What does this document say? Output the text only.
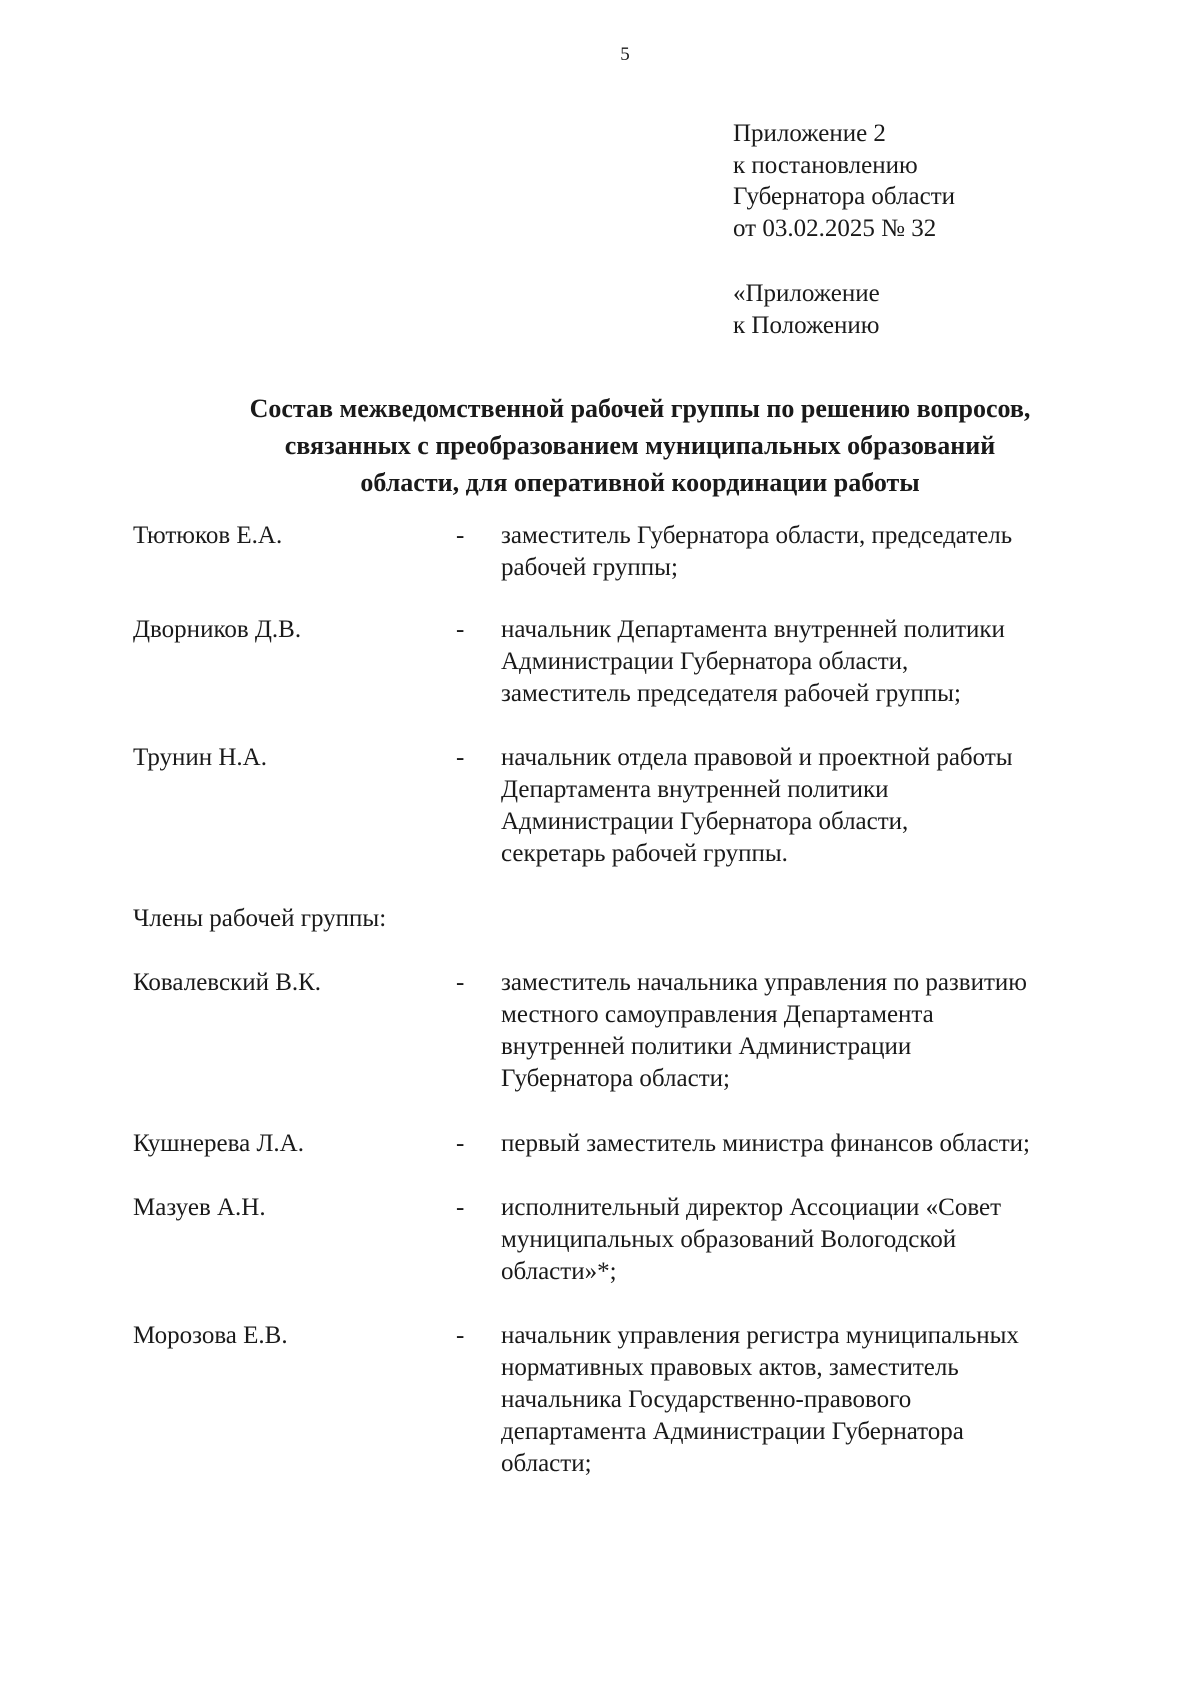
5
Приложение 2
к постановлению
Губернатора области
от 03.02.2025 № 32
«Приложение
к Положению
Состав межведомственной рабочей группы по решению вопросов,
связанных с преобразованием муниципальных образований
области, для оперативной координации работы
Тютюков Е.А.	- заместитель Губернатора области, председатель
рабочей группы;
Дворников Д.В.	- начальник Департамента внутренней политики
Администрации Губернатора области,
заместитель председателя рабочей группы;
Трунин Н.А.	- начальник отдела правовой и проектной работы
Департамента внутренней политики
Администрации Губернатора области,
секретарь рабочей группы.
Члены рабочей группы:
Ковалевский В.К.	- заместитель начальника управления по развитию
местного самоуправления Департамента
внутренней политики Администрации
Губернатора области;
Кушнерева Л.А.	- первый заместитель министра финансов области;
Мазуев А.Н.	- исполнительный директор Ассоциации «Совет
муниципальных образований Вологодской
области»*;
Морозова Е.В.	- начальник управления регистра муниципальных
нормативных правовых актов, заместитель
начальника Государственно-правового
департамента Администрации Губернатора
области;
